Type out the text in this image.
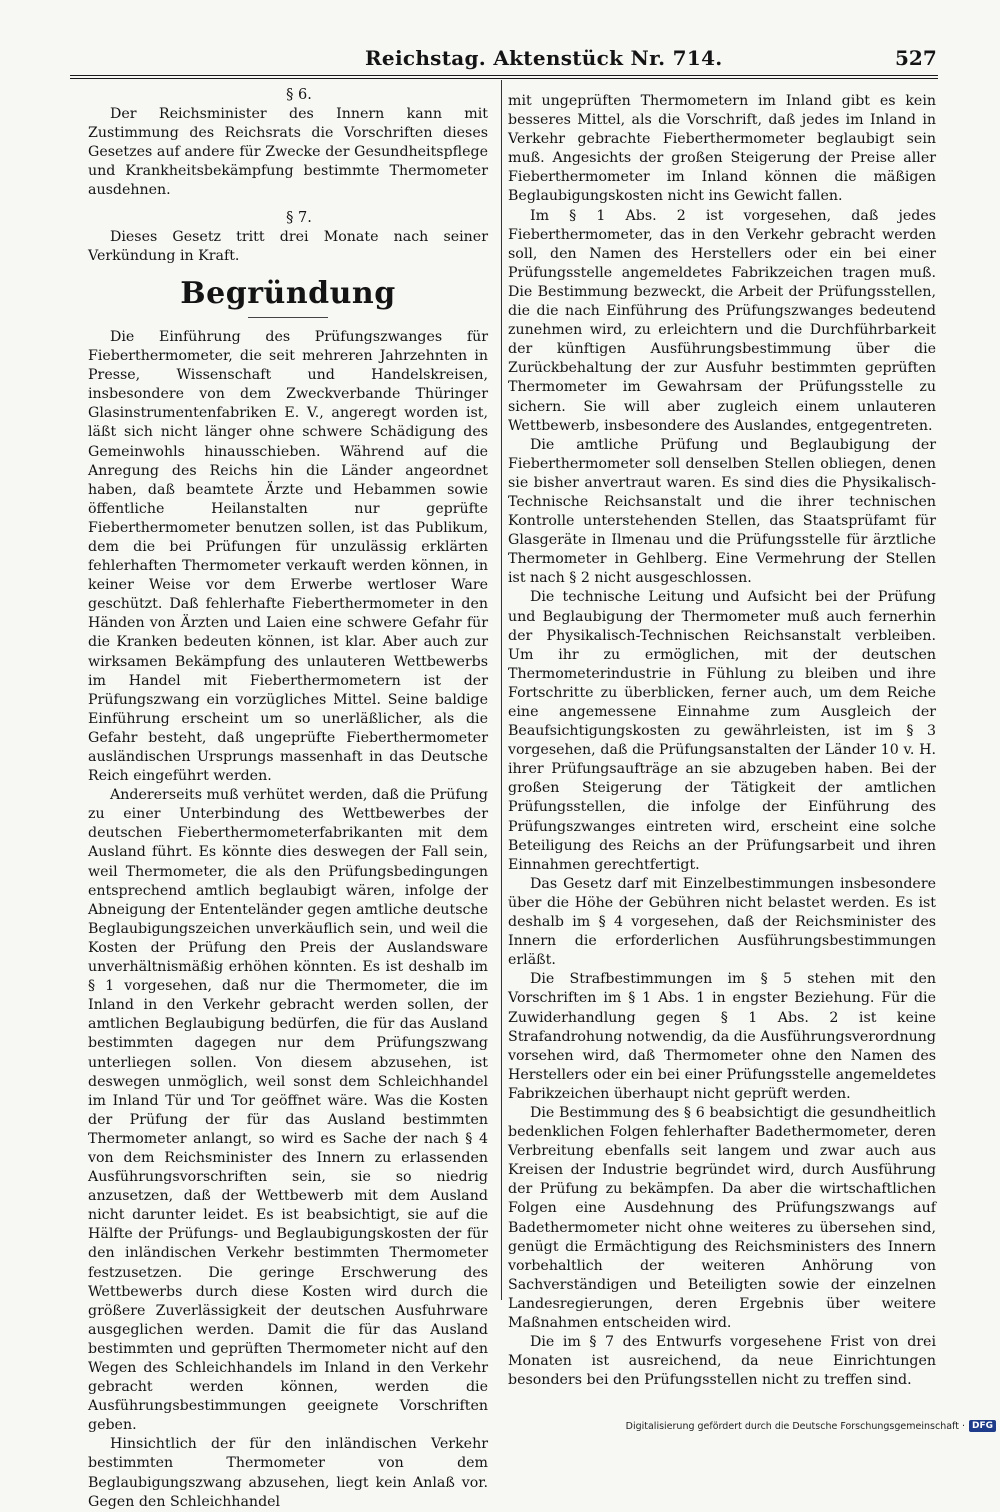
Reichstag. Aktenstück Nr. 714.	527

§ 6.

Der Reichsminister des Innern kann mit Zustimmung des Reichsrats die Vorschriften dieses Gesetzes auf andere für Zwecke der Gesundheitspflege und Krankheitsbekämpfung bestimmte Thermometer ausdehnen.

§ 7.

Dieses Gesetz tritt drei Monate nach seiner Verkündung in Kraft.

Begründung

Die Einführung des Prüfungszwanges für Fieberthermometer, die seit mehreren Jahrzehnten in Presse, Wissenschaft und Handelskreisen, insbesondere von dem Zweckverbande Thüringer Glasinstrumentenfabriken E. V., angeregt worden ist, läßt sich nicht länger ohne schwere Schädigung des Gemeinwohls hinausschieben. Während auf die Anregung des Reichs hin die Länder angeordnet haben, daß beamtete Ärzte und Hebammen sowie öffentliche Heilanstalten nur geprüfte Fieberthermometer benutzen sollen, ist das Publikum, dem die bei Prüfungen für unzulässig erklärten fehlerhaften Thermometer verkauft werden können, in keiner Weise vor dem Erwerbe wertloser Ware geschützt. Daß fehlerhafte Fieberthermometer in den Händen von Ärzten und Laien eine schwere Gefahr für die Kranken bedeuten können, ist klar. Aber auch zur wirksamen Bekämpfung des unlauteren Wettbewerbs im Handel mit Fieberthermometern ist der Prüfungszwang ein vorzügliches Mittel. Seine baldige Einführung erscheint um so unerläßlicher, als die Gefahr besteht, daß ungeprüfte Fieberthermometer ausländischen Ursprungs massenhaft in das Deutsche Reich eingeführt werden.

Andererseits muß verhütet werden, daß die Prüfung zu einer Unterbindung des Wettbewerbes der deutschen Fieberthermometerfabrikanten mit dem Ausland führt. Es könnte dies deswegen der Fall sein, weil Thermometer, die als den Prüfungsbedingungen entsprechend amtlich beglaubigt wären, infolge der Abneigung der Ententeländer gegen amtliche deutsche Beglaubigungszeichen unverkäuflich sein, und weil die Kosten der Prüfung den Preis der Auslandsware unverhältnismäßig erhöhen könnten. Es ist deshalb im § 1 vorgesehen, daß nur die Thermometer, die im Inland in den Verkehr gebracht werden sollen, der amtlichen Beglaubigung bedürfen, die für das Ausland bestimmten dagegen nur dem Prüfungszwang unterliegen sollen. Von diesem abzusehen, ist deswegen unmöglich, weil sonst dem Schleichhandel im Inland Tür und Tor geöffnet wäre. Was die Kosten der Prüfung der für das Ausland bestimmten Thermometer anlangt, so wird es Sache der nach § 4 von dem Reichsminister des Innern zu erlassenden Ausführungsvorschriften sein, sie so niedrig anzusetzen, daß der Wettbewerb mit dem Ausland nicht darunter leidet. Es ist beabsichtigt, sie auf die Hälfte der Prüfungs- und Beglaubigungskosten der für den inländischen Verkehr bestimmten Thermometer festzusetzen. Die geringe Erschwerung des Wettbewerbs durch diese Kosten wird durch die größere Zuverlässigkeit der deutschen Ausfuhrware ausgeglichen werden. Damit die für das Ausland bestimmten und geprüften Thermometer nicht auf den Wegen des Schleichhandels im Inland in den Verkehr gebracht werden können, werden die Ausführungsbestimmungen geeignete Vorschriften geben.

Hinsichtlich der für den inländischen Verkehr bestimmten Thermometer von dem Beglaubigungszwang abzusehen, liegt kein Anlaß vor. Gegen den Schleichhandel

mit ungeprüften Thermometern im Inland gibt es kein besseres Mittel, als die Vorschrift, daß jedes im Inland in Verkehr gebrachte Fieberthermometer beglaubigt sein muß. Angesichts der großen Steigerung der Preise aller Fieberthermometer im Inland können die mäßigen Beglaubigungskosten nicht ins Gewicht fallen.

Im § 1 Abs. 2 ist vorgesehen, daß jedes Fieberthermometer, das in den Verkehr gebracht werden soll, den Namen des Herstellers oder ein bei einer Prüfungsstelle angemeldetes Fabrikzeichen tragen muß. Die Bestimmung bezweckt, die Arbeit der Prüfungsstellen, die die nach Einführung des Prüfungszwanges bedeutend zunehmen wird, zu erleichtern und die Durchführbarkeit der künftigen Ausführungsbestimmung über die Zurückbehaltung der zur Ausfuhr bestimmten geprüften Thermometer im Gewahrsam der Prüfungsstelle zu sichern. Sie will aber zugleich einem unlauteren Wettbewerb, insbesondere des Auslandes, entgegentreten.

Die amtliche Prüfung und Beglaubigung der Fieberthermometer soll denselben Stellen obliegen, denen sie bisher anvertraut waren. Es sind dies die Physikalisch-Technische Reichsanstalt und die ihrer technischen Kontrolle unterstehenden Stellen, das Staatsprüfamt für Glasgeräte in Ilmenau und die Prüfungsstelle für ärztliche Thermometer in Gehlberg. Eine Vermehrung der Stellen ist nach § 2 nicht ausgeschlossen.

Die technische Leitung und Aufsicht bei der Prüfung und Beglaubigung der Thermometer muß auch fernerhin der Physikalisch-Technischen Reichsanstalt verbleiben. Um ihr zu ermöglichen, mit der deutschen Thermometerindustrie in Fühlung zu bleiben und ihre Fortschritte zu überblicken, ferner auch, um dem Reiche eine angemessene Einnahme zum Ausgleich der Beaufsichtigungskosten zu gewährleisten, ist im § 3 vorgesehen, daß die Prüfungsanstalten der Länder 10 v. H. ihrer Prüfungsaufträge an sie abzugeben haben. Bei der großen Steigerung der Tätigkeit der amtlichen Prüfungsstellen, die infolge der Einführung des Prüfungszwanges eintreten wird, erscheint eine solche Beteiligung des Reichs an der Prüfungsarbeit und ihren Einnahmen gerechtfertigt.

Das Gesetz darf mit Einzelbestimmungen insbesondere über die Höhe der Gebühren nicht belastet werden. Es ist deshalb im § 4 vorgesehen, daß der Reichsminister des Innern die erforderlichen Ausführungsbestimmungen erläßt.

Die Strafbestimmungen im § 5 stehen mit den Vorschriften im § 1 Abs. 1 in engster Beziehung. Für die Zuwiderhandlung gegen § 1 Abs. 2 ist keine Strafandrohung notwendig, da die Ausführungsverordnung vorsehen wird, daß Thermometer ohne den Namen des Herstellers oder ein bei einer Prüfungsstelle angemeldetes Fabrikzeichen überhaupt nicht geprüft werden.

Die Bestimmung des § 6 beabsichtigt die gesundheitlich bedenklichen Folgen fehlerhafter Badethermometer, deren Verbreitung ebenfalls seit langem und zwar auch aus Kreisen der Industrie begründet wird, durch Ausführung der Prüfung zu bekämpfen. Da aber die wirtschaftlichen Folgen eine Ausdehnung des Prüfungszwangs auf Badethermometer nicht ohne weiteres zu übersehen sind, genügt die Ermächtigung des Reichsministers des Innern vorbehaltlich der weiteren Anhörung von Sachverständigen und Beteiligten sowie der einzelnen Landesregierungen, deren Ergebnis über weitere Maßnahmen entscheiden wird.

Die im § 7 des Entwurfs vorgesehene Frist von drei Monaten ist ausreichend, da neue Einrichtungen besonders bei den Prüfungsstellen nicht zu treffen sind.

Digitalisierung gefördert durch die Deutsche Forschungsgemeinschaft · DFG
